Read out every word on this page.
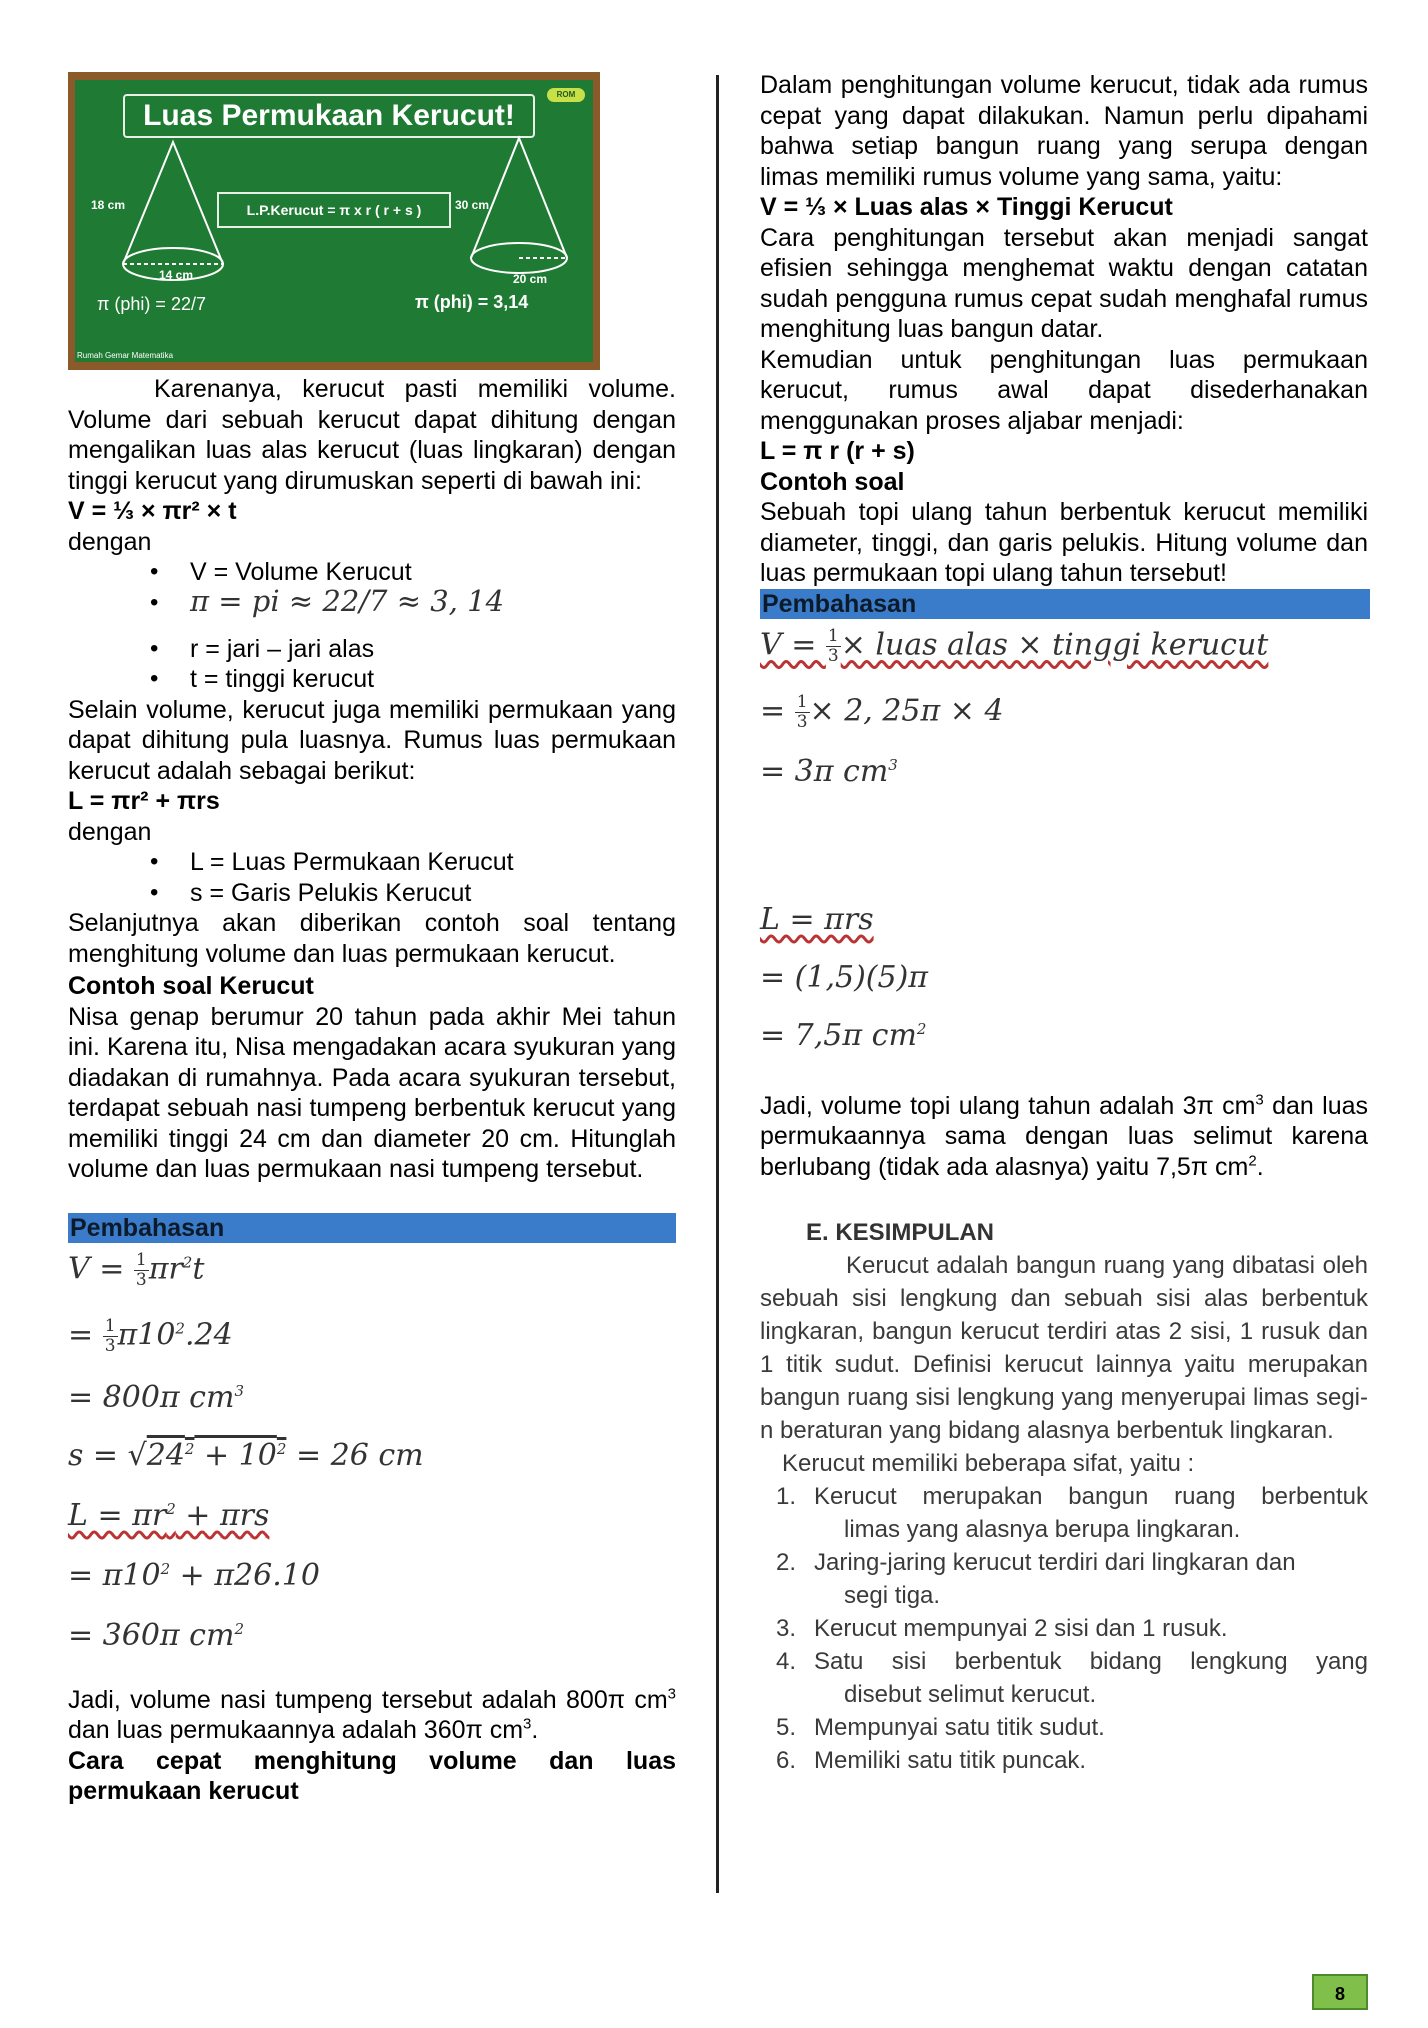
Luas Permukaan Kerucut!
ROM
18 cm
14 cm
30 cm
20 cm
L.P.Kerucut = π x r ( r + s )
π (phi) = 22/7	π (phi) = 3,14
Rumah Gemar Matematika

Karenanya, kerucut pasti memiliki volume. Volume dari sebuah kerucut dapat dihitung dengan mengalikan luas alas kerucut (luas lingkaran) dengan tinggi kerucut yang dirumuskan seperti di bawah ini:

V = ⅓ × πr² × t

dengan

• V = Volume Kerucut
• π = pi ≈ 22/7 ≈ 3, 14
• r = jari – jari alas
• t = tinggi kerucut

Selain volume, kerucut juga memiliki permukaan yang dapat dihitung pula luasnya. Rumus luas permukaan kerucut adalah sebagai berikut:

L = πr² + πrs

dengan

• L = Luas Permukaan Kerucut
• s = Garis Pelukis Kerucut

Selanjutnya akan diberikan contoh soal tentang menghitung volume dan luas permukaan kerucut.

Contoh soal Kerucut

Nisa genap berumur 20 tahun pada akhir Mei tahun ini. Karena itu, Nisa mengadakan acara syukuran yang diadakan di rumahnya. Pada acara syukuran tersebut, terdapat sebuah nasi tumpeng berbentuk kerucut yang memiliki tinggi 24 cm dan diameter 20 cm. Hitunglah volume dan luas permukaan nasi tumpeng tersebut.

Pembahasan
$V = \frac{1}{3} \pi r^2t$
= $\frac{1}{3} \pi 10^2.24$
= 800π $cm^3$
$s = √24^2 + 10^2 = 26$ cm
$L = \pi r^2 + \pi rs$
= $\pi 10^2 + \pi 26.10$
= 360π $cm^2$

Jadi, volume nasi tumpeng tersebut adalah 800π $cm^3$ dan luas permukaannya adalah 360π $cm^3$.

Cara cepat menghitung volume dan luas permukaan kerucut

Dalam penghitungan volume kerucut, tidak ada rumus cepat yang dapat dilakukan. Namun perlu dipahami bahwa setiap bangun ruang yang serupa dengan limas memiliki rumus volume yang sama, yaitu:

V = ⅓ × Luas alas × Tinggi Kerucut

Cara penghitungan tersebut akan menjadi sangat efisien sehingga menghemat waktu dengan catatan sudah pengguna rumus cepat sudah menghafal rumus menghitung luas bangun datar.

Kemudian untuk penghitungan luas permukaan kerucut, rumus awal dapat disederhanakan menggunakan proses aljabar menjadi:

L = π r (r + s)

Contoh soal

Sebuah topi ulang tahun berbentuk kerucut memiliki diameter, tinggi, dan garis pelukis. Hitung volume dan luas permukaan topi ulang tahun tersebut!

Pembahasan
$V = \frac{1}{3}$ × luas alas × tinggi kerucut
= $\frac{1}{3} \times 2$, 25π × 4
= 3π $cm^3$
L = πrs
= (1,5)(5)π
= 7,5π $cm^2$

Jadi, volume topi ulang tahun adalah 3π $cm^3$ dan luas permukaannya sama dengan luas selimut karena berlubang (tidak ada alasnya) yaitu 7,5π $cm^2$.

E. KESIMPULAN

Kerucut adalah bangun ruang yang dibatasi oleh sebuah sisi lengkung dan sebuah sisi alas berbentuk lingkaran, bangun kerucut terdiri atas 2 sisi, 1 rusuk dan 1 titik sudut. Definisi kerucut lainnya yaitu merupakan bangun ruang sisi lengkung yang menyerupai limas segi-n beraturan yang bidang alasnya berbentuk lingkaran.

Kerucut memiliki beberapa sifat, yaitu :

1. Kerucut merupakan bangun ruang berbentuk
limas yang alasnya berupa lingkaran.
2. Jaring-jaring kerucut terdiri dari lingkaran dan
segi tiga.
3. Kerucut mempunyai 2 sisi dan 1 rusuk.
4. Satu sisi berbentuk bidang lengkung yang
disebut selimut kerucut.
5. Mempunyai satu titik sudut.
6. Memiliki satu titik puncak.
8
